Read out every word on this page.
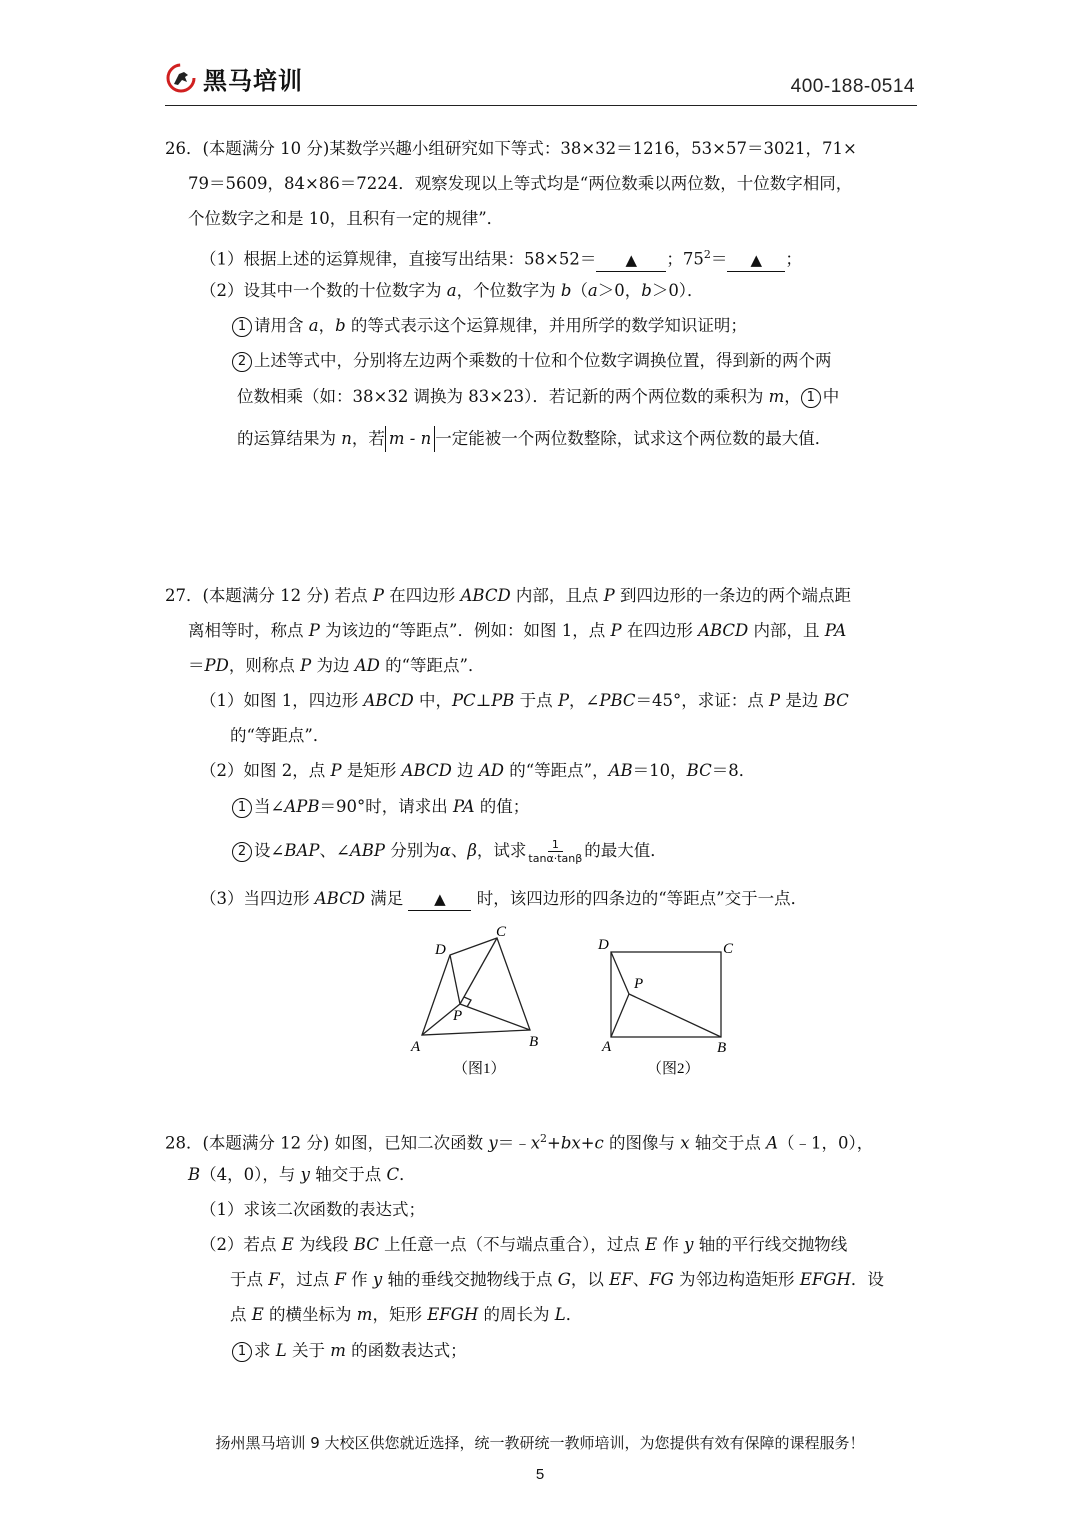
黑马培训	400-188-0514
26．(本题满分 10 分)某数学兴趣小组研究如下等式：38×32＝1216，53×57＝3021，71×
79＝5609，84×86＝7224．观察发现以上等式均是“两位数乘以两位数，十位数字相同，
个位数字之和是 10，且积有一定的规律”．
（1）根据上述的运算规律，直接写出结果：58×52＝ ▲ ；$75^2=$ ▲ ；
（2）设其中一个数的十位数字为 a，个位数字为 b（a＞0，b＞0）．
1 请用含 a，b 的等式表示这个运算规律，并用所学的数学知识证明；
2 上述等式中，分别将左边两个乘数的十位和个位数字调换位置，得到新的两个两
位数相乘（如：38×32 调换为 83×23）．若记新的两个两位数的乘积为 m， 1 中
的运算结果为 n，若 m - n 一定能被一个两位数整除，试求这个两位数的最大值．
27．(本题满分 12 分) 若点 P 在四边形 ABCD 内部，且点 P 到四边形的一条边的两个端点距
离相等时，称点 P 为该边的“等距点”．例如：如图 1，点 P 在四边形 ABCD 内部，且 PA
＝PD，则称点 P 为边 AD 的“等距点”．
（1）如图 1，四边形 ABCD 中，PC⊥PB 于点 P，∠PBC＝45°，求证：点 P 是边 BC
的“等距点”．
（2）如图 2，点 P 是矩形 ABCD 边 AD 的“等距点”，AB＝10，BC＝8．
1 当∠APB＝90°时，请求出 PA 的值；
2 设∠BAP、∠ABP 分别为α、β，试求 $\frac{1}{\tan\alpha\cdot\tan\beta}$ 的最大值．
（3）当四边形 ABCD 满足 ▲ 时，该四边形的四条边的“等距点”交于一点．
D
C
P
A	B
（图1）
D	C
P
A	B
（图2）
28．(本题满分 12 分) 如图，已知二次函数 $y=﹣x^2+bx+c$ 的图像与 x 轴交于点 A（﹣1，0），
B（4，0），与 y 轴交于点 C．
（1）求该二次函数的表达式；
（2）若点 E 为线段 BC 上任意一点（不与端点重合），过点 E 作 y 轴的平行线交抛物线
于点 F，过点 F 作 y 轴的垂线交抛物线于点 G，以 EF、FG 为邻边构造矩形 EFGH．设
点 E 的横坐标为 m，矩形 EFGH 的周长为 L．
1 求 L 关于 m 的函数表达式；
扬州黑马培训 9 大校区供您就近选择，统一教研统一教师培训，为您提供有效有保障的课程服务！
5
